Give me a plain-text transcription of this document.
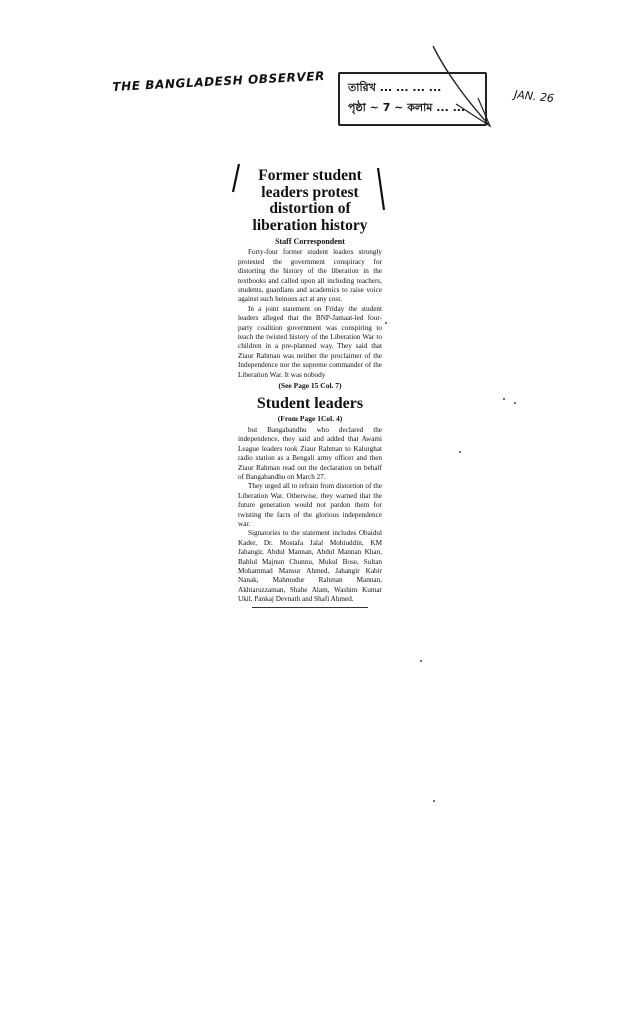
THE BANGLADESH OBSERVER তারিখ ... ... ... ...
পৃষ্ঠা ~ 7 ~ কলাম ... ...
JAN. 26
Former student leaders protest distortion of liberation history
Staff Correspondent

Forty-four former student leaders strongly protested the government conspiracy for distorting the history of the liberation in the textbooks and called upon all including teachers, students, guardians and academics to raise voice against such heinous act at any cost.

In a joint statement on Friday the student leaders alleged that the BNP-Jamaat-led four-party coalition government was conspiring to teach the twisted history of the Liberation War to children in a pre-planned way. They said that Ziaur Rahman was neither the proclaimer of the Independence nor the supreme commander of the Liberation War. It was nobody

(See Page 15 Col. 7)
Student leaders
(From Page 1Col. 4)

but Bangabandhu who declared the independence, they said and added that Awami League leaders took Ziaur Rahman to Kalurghat radio station as a Bengali army officer and then Ziaur Rahman read out the declaration on behalf of Bangabandhu on March 27.

They urged all to refrain from distortion of the Liberation War. Otherwise, they warned that the future generation would not pardon them for twisting the facts of the glorious independence war.

Signatories to the statement includes Obaidul Kader, Dr. Mostafa Jalal Mohiuddin, KM Jahangir, Abdul Mannan, Abdul Mannan Khan, Bahlul Majnun Chunnu, Mukul Bose, Sultan Mohammad Mansur Ahmed, Jahangir Kabir Nanak, Mahmudur Rahman Mannan, Akhtaruzzaman, Shahe Alam, Washim Kumar Ukil, Pankaj Devnath and Shafi Ahmed.
